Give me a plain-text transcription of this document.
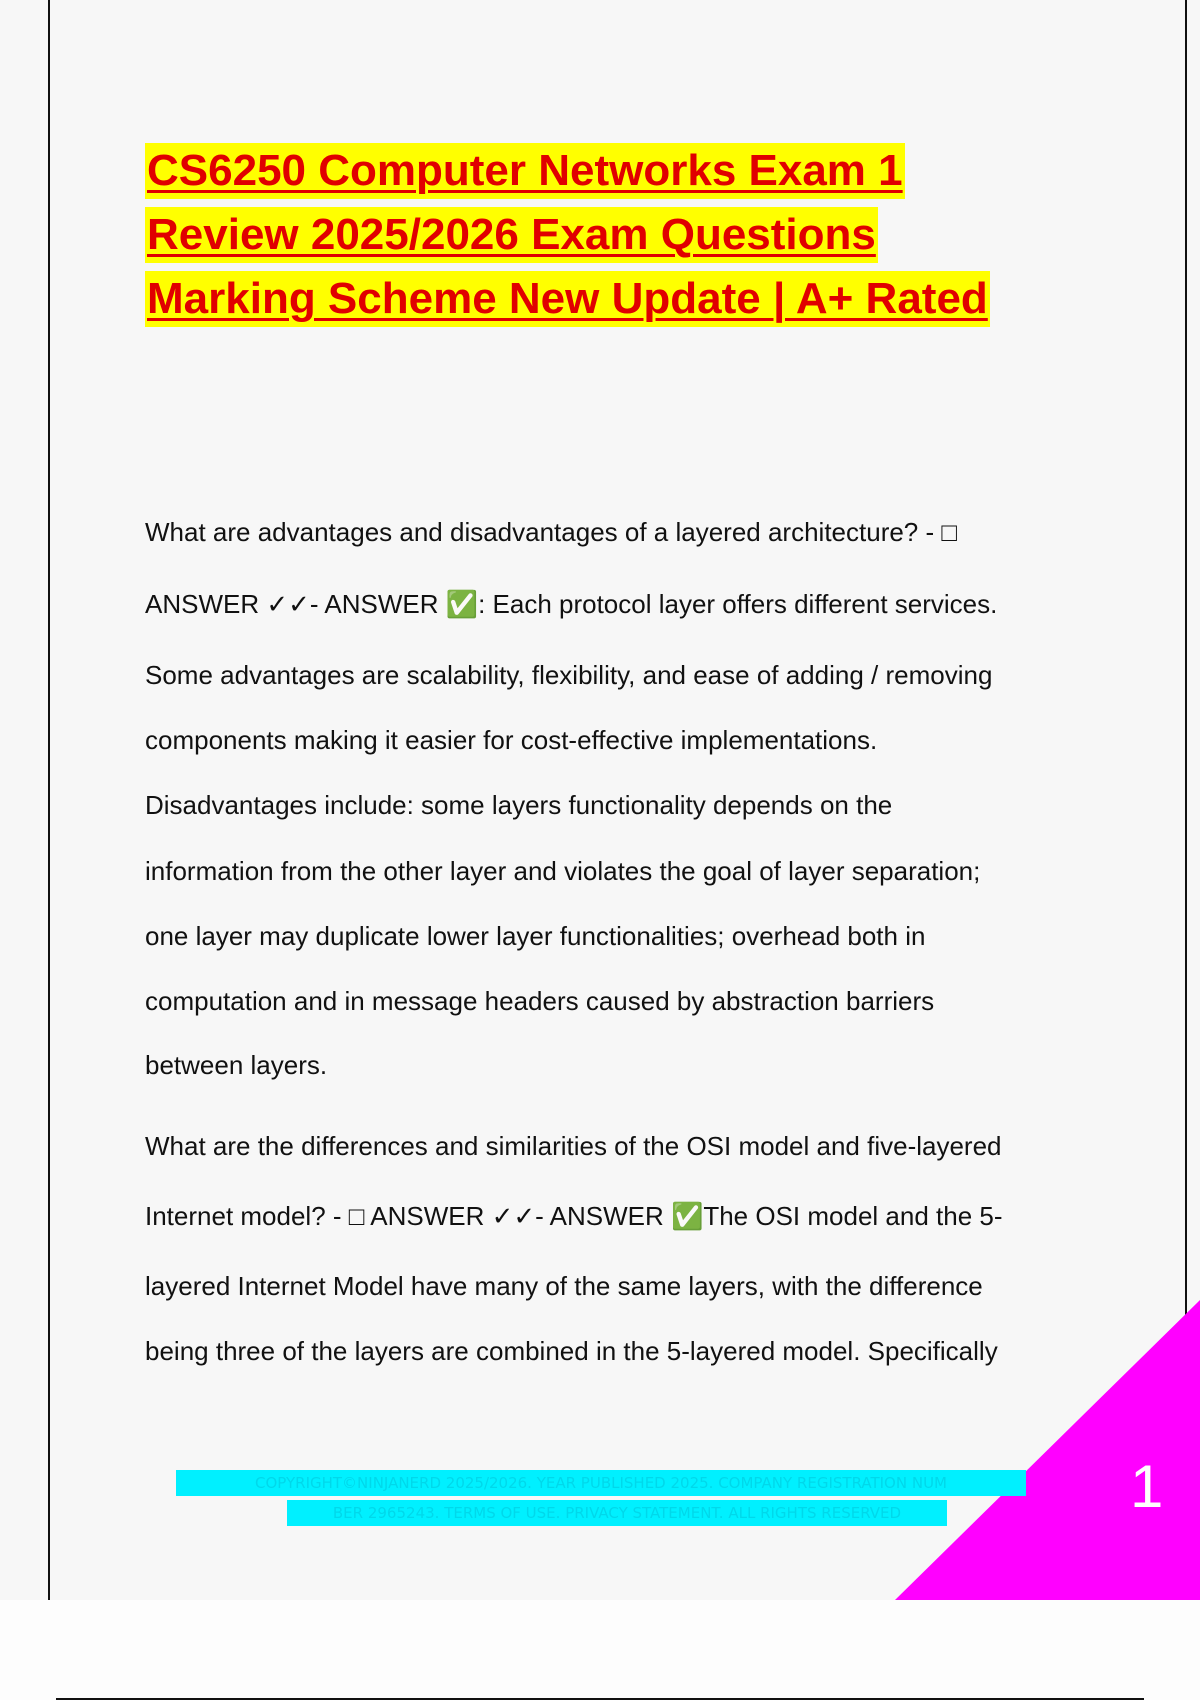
CS6250 Computer Networks Exam 1
Review 2025/2026 Exam Questions
Marking Scheme New Update | A+ Rated
What are advantages and disadvantages of a layered architecture? - □
ANSWER ✓✓- ANSWER ✅: Each protocol layer offers different services.
Some advantages are scalability, flexibility, and ease of adding / removing
components making it easier for cost-effective implementations.
Disadvantages include: some layers functionality depends on the
information from the other layer and violates the goal of layer separation;
one layer may duplicate lower layer functionalities; overhead both in
computation and in message headers caused by abstraction barriers
between layers.
What are the differences and similarities of the OSI model and five-layered
Internet model? - □ ANSWER ✓✓- ANSWER ✅The OSI model and the 5-
layered Internet Model have many of the same layers, with the difference
being three of the layers are combined in the 5-layered model. Specifically
COPYRIGHT©NINJANERD 2025/2026. YEAR PUBLISHED 2025. COMPANY REGISTRATION NUM
BER 2965243. TERMS OF USE. PRIVACY STATEMENT. ALL RIGHTS RESERVED	1
